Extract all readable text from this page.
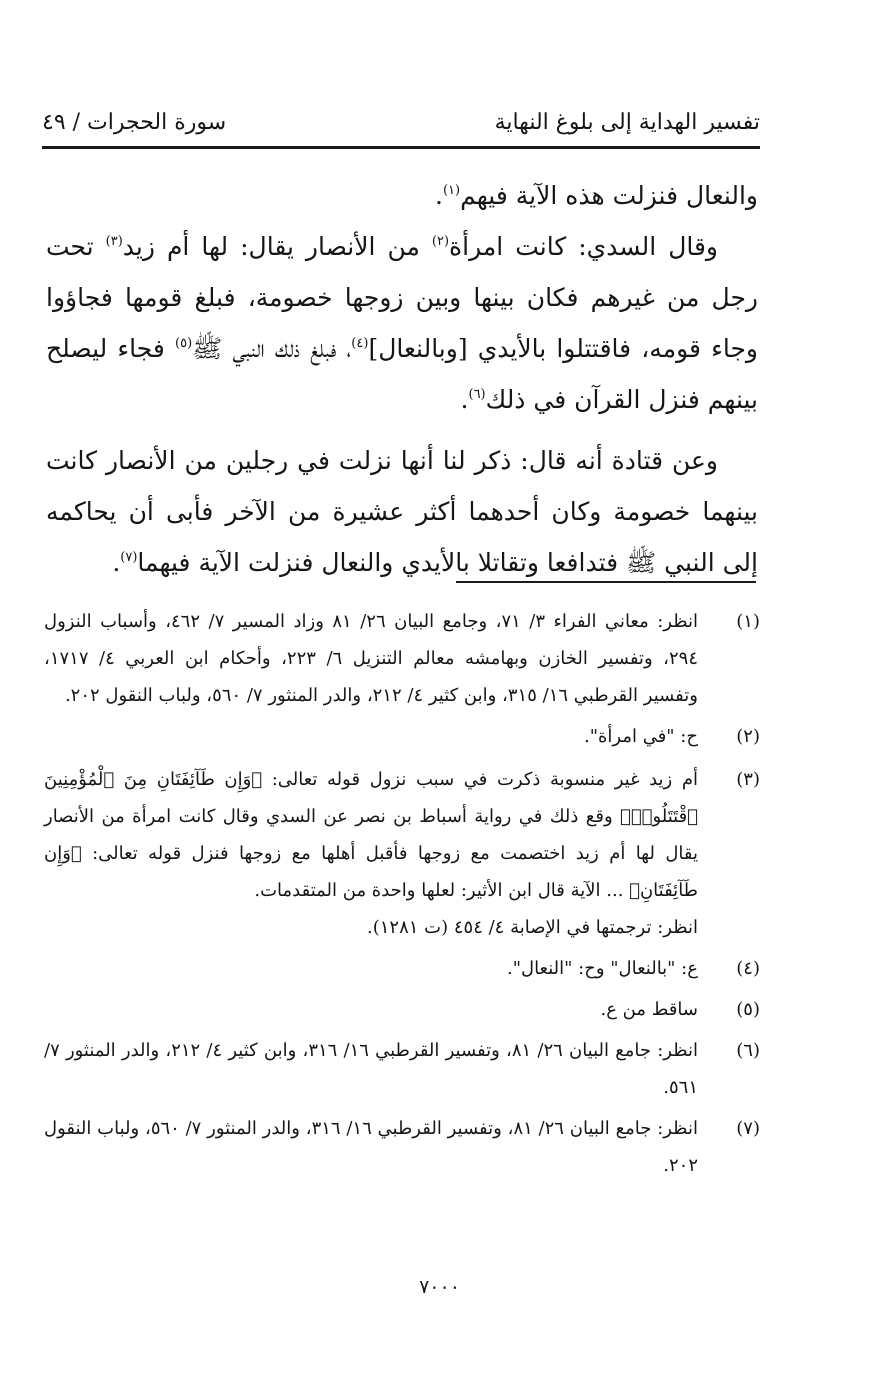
تفسير الهداية إلى بلوغ النهاية
سورة الحجرات / ٤٩

والنعال فنزلت هذه الآية فيهم$^{(١)}$.

وقال السدي: كانت امرأة$^{(٢)}$ من الأنصار يقال: لها أم زيد$^{(٣)}$ تحت رجل من غيرهم فكان بينها وبين زوجها خصومة، فبلغ قومها فجاؤوا وجاء قومه، فاقتتلوا بالأيدي [وبالنعال]$^{(٤)}$، فبلغ ذلك النبي ﷺ$^{(٥)}$ فجاء ليصلح بينهم فنزل القرآن في ذلك$^{(٦)}$.

وعن قتادة أنه قال: ذكر لنا أنها نزلت في رجلين من الأنصار كانت بينهما خصومة وكان أحدهما أكثر عشيرة من الآخر فأبى أن يحاكمه إلى النبي ﷺ فتدافعا وتقاتلا بالأيدي والنعال فنزلت الآية فيهما$^{(٧)}$.

(١)
انظر: معاني الفراء ٣/ ٧١، وجامع البيان ٢٦/ ٨١ وزاد المسير ٧/ ٤٦٢، وأسباب النزول ٢٩٤، وتفسير الخازن وبهامشه معالم التنزيل ٦/ ٢٢٣، وأحكام ابن العربي ٤/ ١٧١٧، وتفسير القرطبي ١٦/ ٣١٥، وابن كثير ٤/ ٢١٢، والدر المنثور ٧/ ٥٦٠، ولباب النقول ٢٠٢.
(٢)
ح: "في امرأة".
(٣)
أم زيد غير منسوبة ذكرت في سبب نزول قوله تعالى: ﴿وَإِن طَآئِفَتَانِ مِنَ ٱلْمُؤْمِنِينَ ٱقْتَتَلُوا۟﴾ وقع ذلك في رواية أسباط بن نصر عن السدي وقال كانت امرأة من الأنصار يقال لها أم زيد اختصمت مع زوجها فأقبل أهلها مع زوجها فنزل قوله تعالى: ﴿وَإِن طَآئِفَتَانِ﴾ ... الآية قال ابن الأثير: لعلها واحدة من المتقدمات.
انظر: ترجمتها في الإصابة ٤/ ٤٥٤ (ت ١٢٨١).
(٤)
ع: "بالنعال" وح: "النعال".
(٥)
ساقط من ع.
(٦)
انظر: جامع البيان ٢٦/ ٨١، وتفسير القرطبي ١٦/ ٣١٦، وابن كثير ٤/ ٢١٢، والدر المنثور ٧/ ٥٦١.
(٧)
انظر: جامع البيان ٢٦/ ٨١، وتفسير القرطبي ١٦/ ٣١٦، والدر المنثور ٧/ ٥٦٠، ولباب النقول ٢٠٢.
٧٠٠٠
